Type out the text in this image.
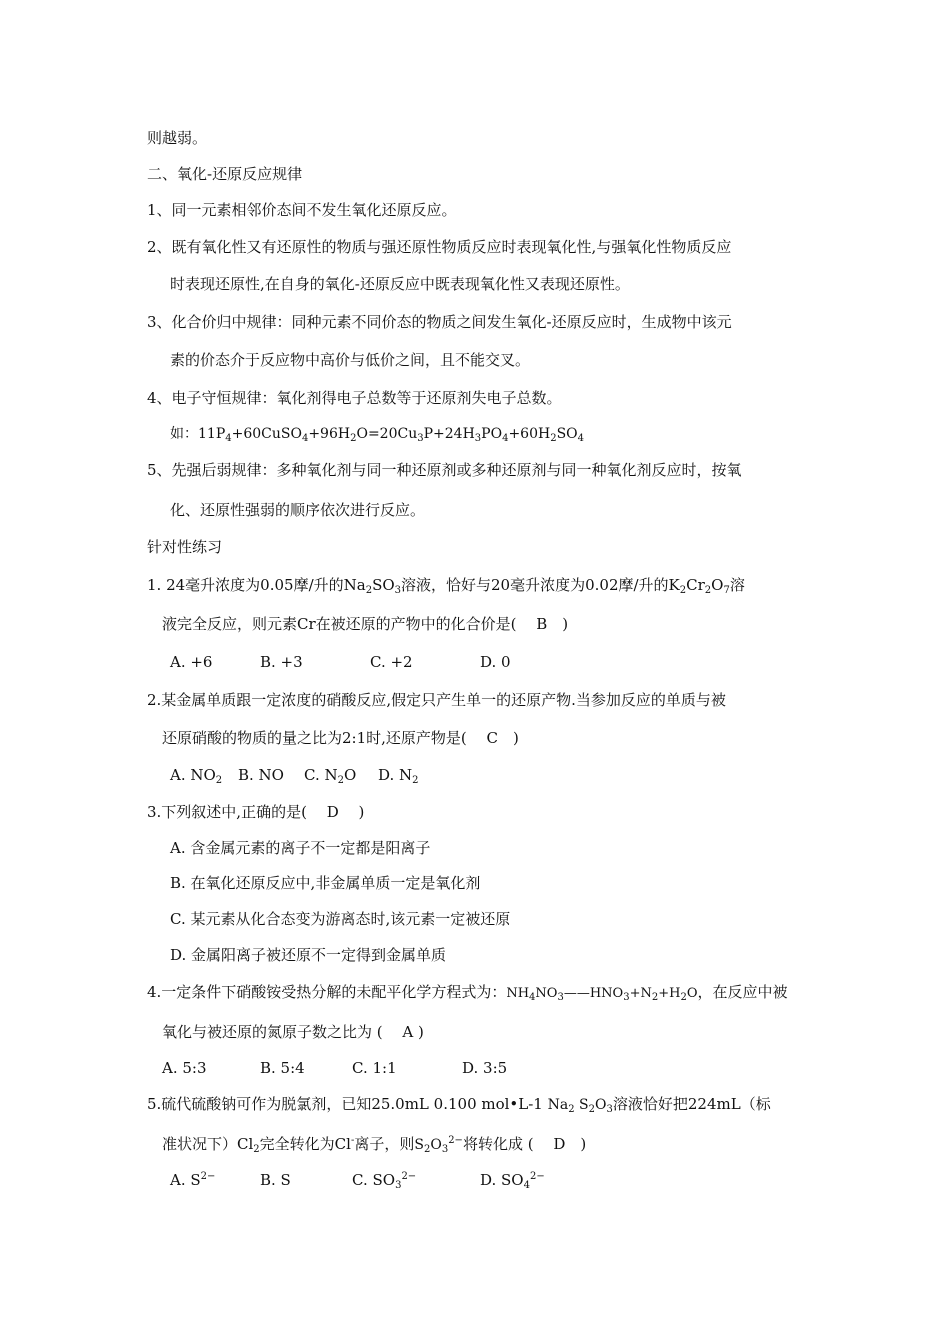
则越弱。
二、氧化-还原反应规律
1、同一元素相邻价态间不发生氧化还原反应。
2、既有氧化性又有还原性的物质与强还原性物质反应时表现氧化性,与强氧化性物质反应
时表现还原性,在自身的氧化-还原反应中既表现氧化性又表现还原性。
3、化合价归中规律：同种元素不同价态的物质之间发生氧化-还原反应时，生成物中该元
素的价态介于反应物中高价与低价之间，且不能交叉。
4、电子守恒规律：氧化剂得电子总数等于还原剂失电子总数。
如：$11P_4+60CuSO_4+96H_2O=20Cu_3P+24H_3PO_4+60H_2SO_4$
5、先强后弱规律：多种氧化剂与同一种还原剂或多种还原剂与同一种氧化剂反应时，按氧
化、还原性强弱的顺序依次进行反应。
针对性练习
1. 24毫升浓度为0.05摩/升的$Na_2SO_3$溶液，恰好与20毫升浓度为0.02摩/升的$K_2Cr_2O_7$溶
液完全反应，则元素Cr在被还原的产物中的化合价是(　 B　)
A. +6	B. +3	C. +2	D. 0
2.某金属单质跟一定浓度的硝酸反应,假定只产生单一的还原产物.当参加反应的单质与被
还原硝酸的物质的量之比为2:1时,还原产物是(　 C　)
A. $NO_2$ B. NO C. $N_2O$ D. $N_2$
3.下列叙述中,正确的是(　 D　 )
A. 含金属元素的离子不一定都是阳离子
B. 在氧化还原反应中,非金属单质一定是氧化剂
C. 某元素从化合态变为游离态时,该元素一定被还原
D. 金属阳离子被还原不一定得到金属单质
4.一定条件下硝酸铵受热分解的未配平化学方程式为：$NH_4NO_3——HNO_3+N_2+H_2O$，在反应中被
氧化与被还原的氮原子数之比为 (　 A )
A. 5:3	B. 5:4	C. 1:1	D. 3:5
5.硫代硫酸钠可作为脱氯剂，已知25.0mL 0.100 mol•L-1 $Na_2$ $S_2O_3$溶液恰好把224mL（标
准状况下）$Cl_2$完全转化为Cl-离子，则$S_2O_3^{2-}$将转化成 (　 D　)
A. $S^{2-}$	B. S	C. $SO_3^{2-}$	D. $SO_4^{2-}$
